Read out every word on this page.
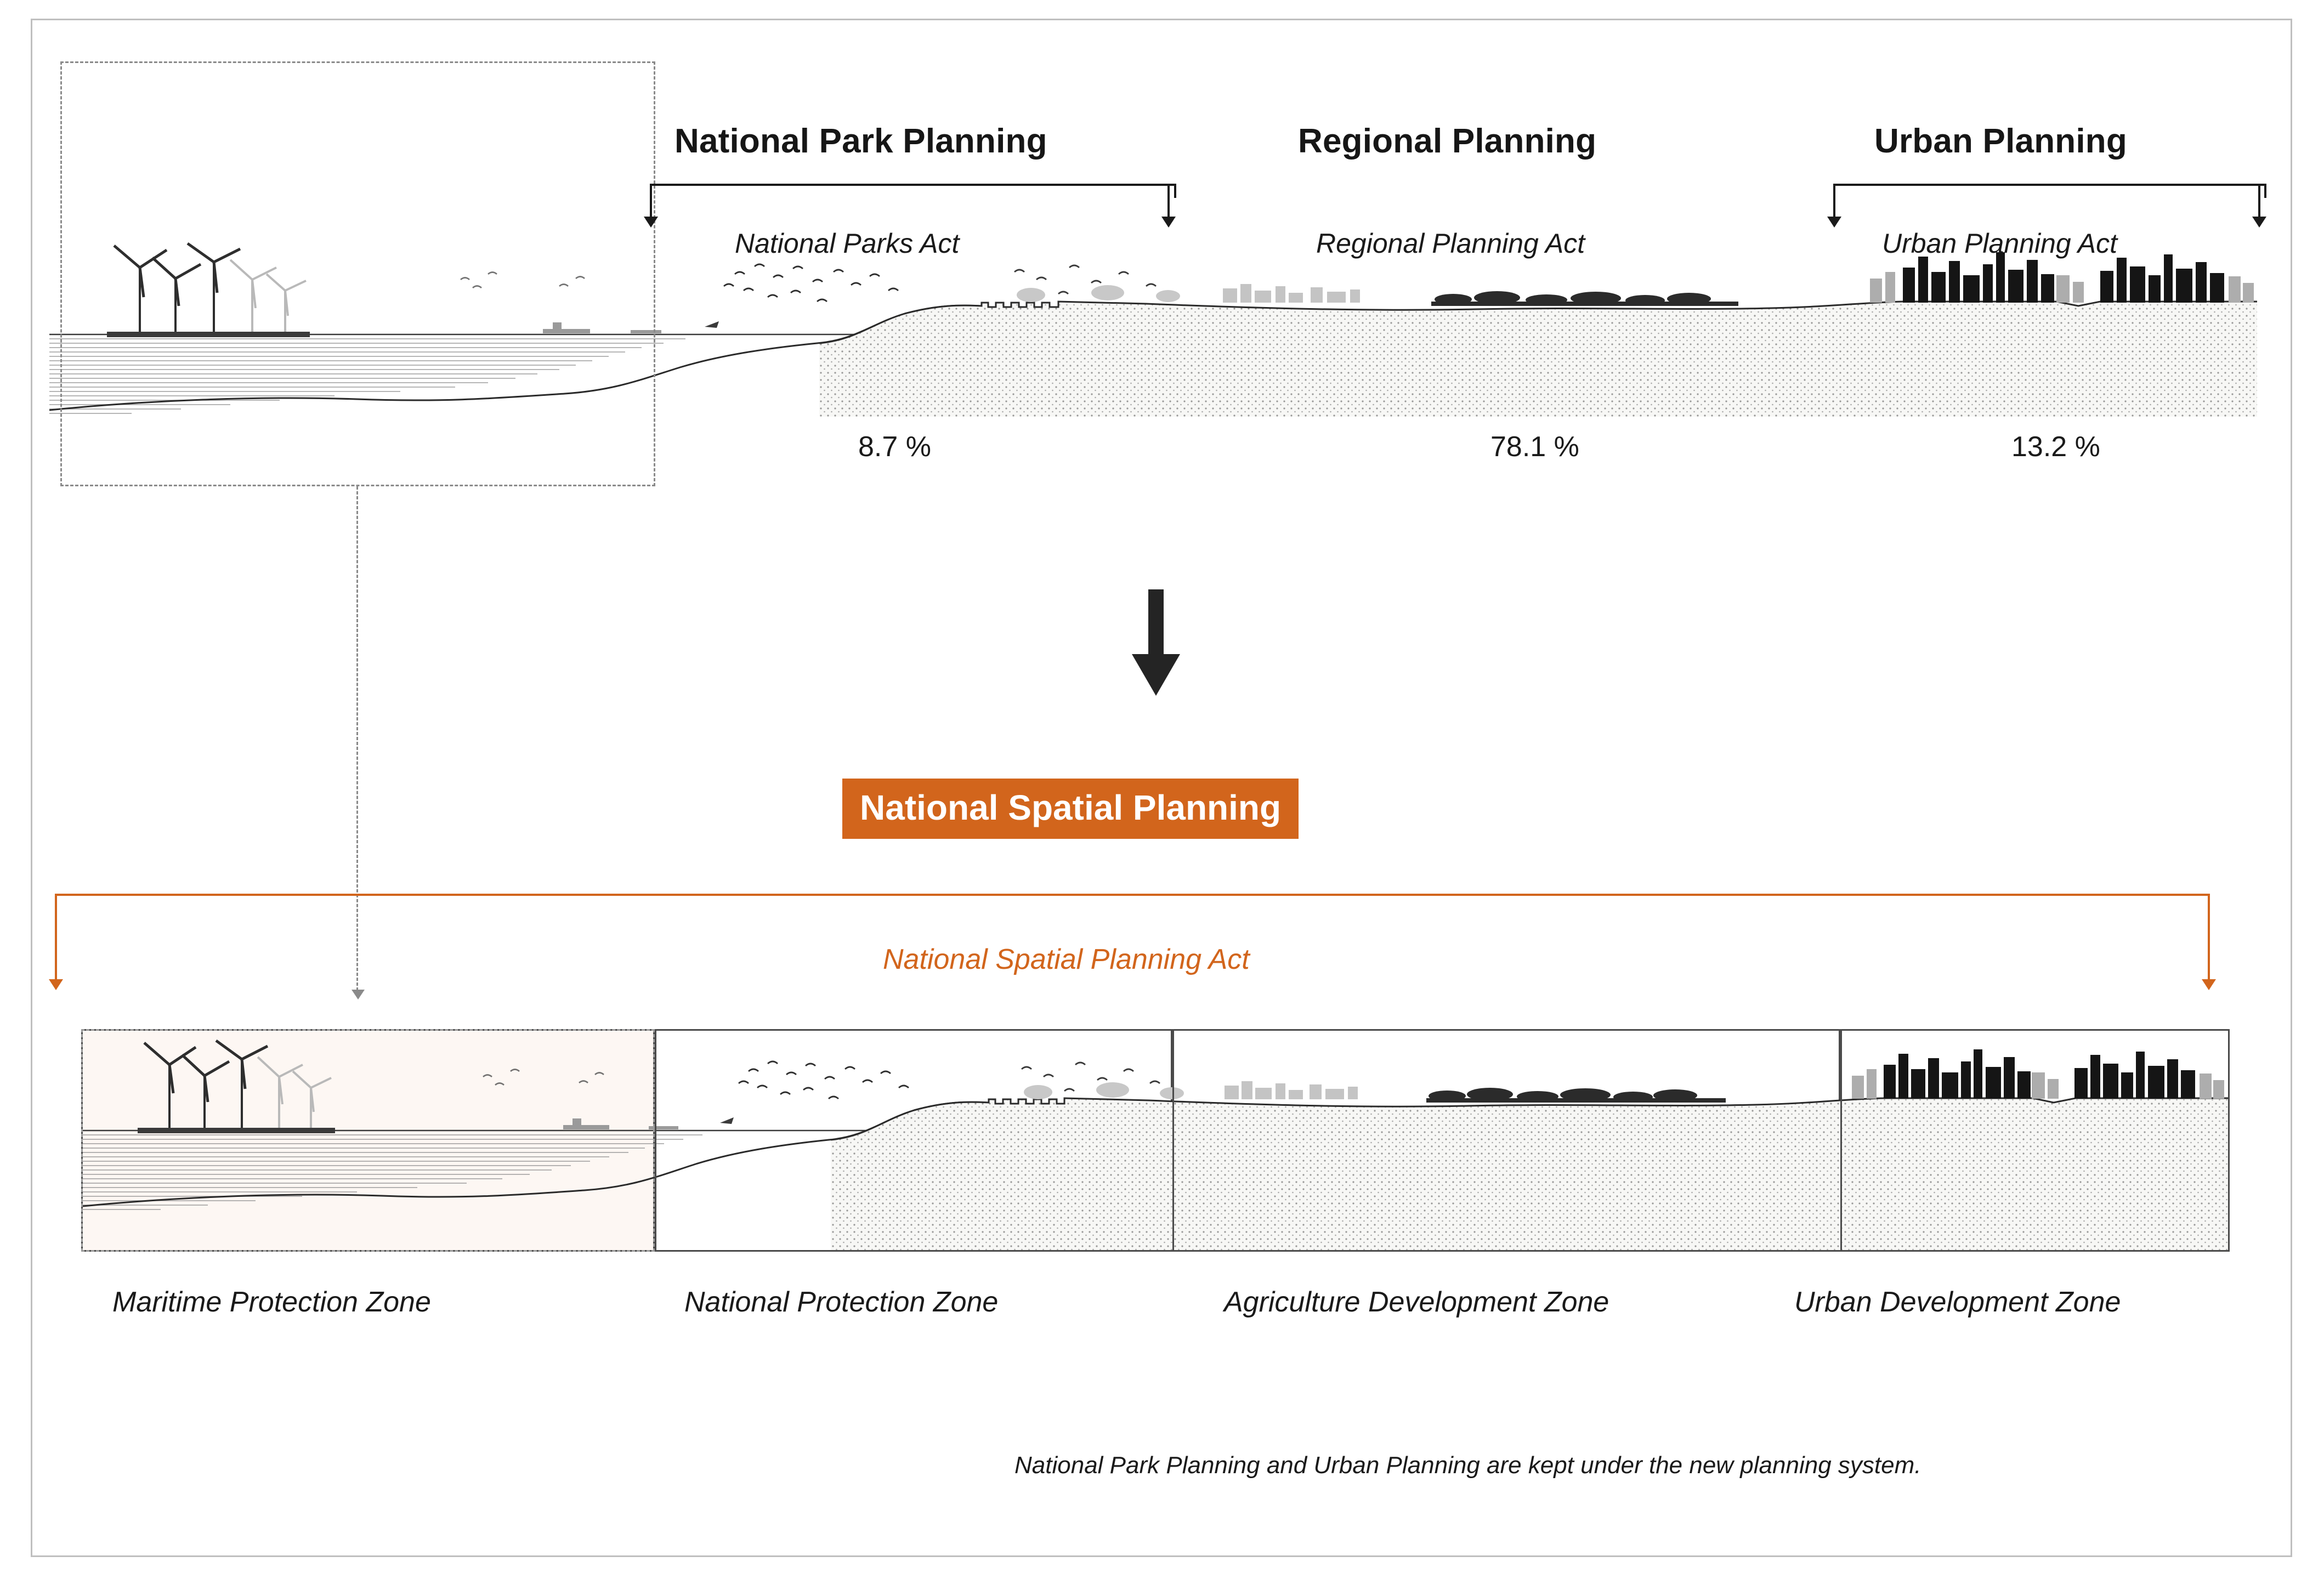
National Park Planning	Regional Planning	Urban Planning
National Parks Act	Regional Planning Act	Urban Planning Act
8.7 %	78.1 %	13.2 %
National Spatial Planning
National Spatial Planning Act
Maritime Protection Zone	National Protection Zone	Agriculture Development Zone	Urban Development Zone
National Park Planning and Urban Planning are kept under the new planning system.
